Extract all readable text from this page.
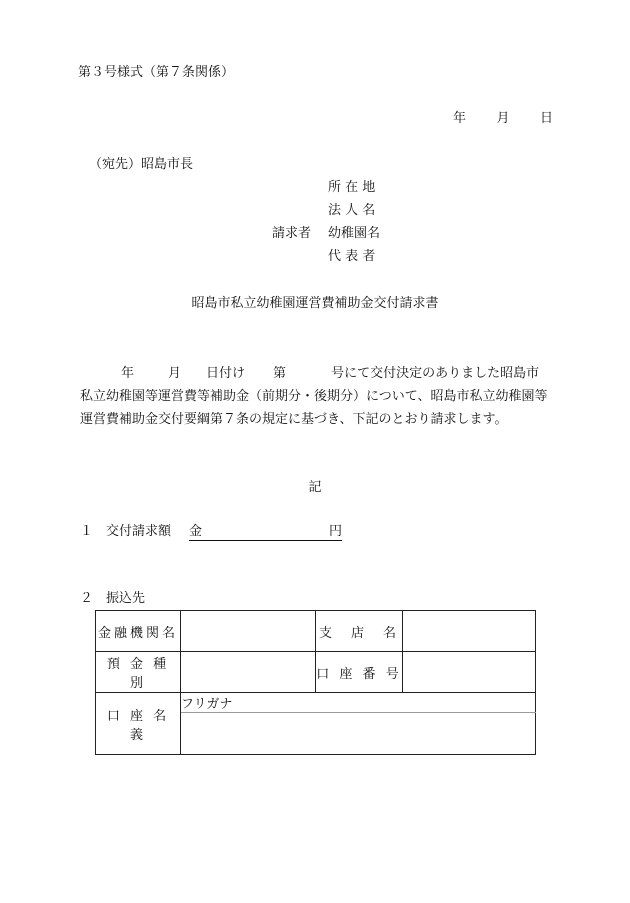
第３号様式（第７条関係）
年 月 日
（宛先）昭島市長
所 在 地
法 人 名
請求者 幼稚園名
代 表 者
昭島市私立幼稚園運営費補助金交付請求書
年	月 日付け 第	号にて交付決定のありました昭島市私立幼稚園等運営費等補助金（前期分・後期分）について、昭島市私立幼稚園等運営費補助金交付要綱第７条の規定に基づき、下記のとおり請求します。
記
１　交付請求額 金	円
２　振込先
金融機関名		支　店　名	
預 金 種 別		口 座 番 号	
口 座 名 義	フリガナ		
